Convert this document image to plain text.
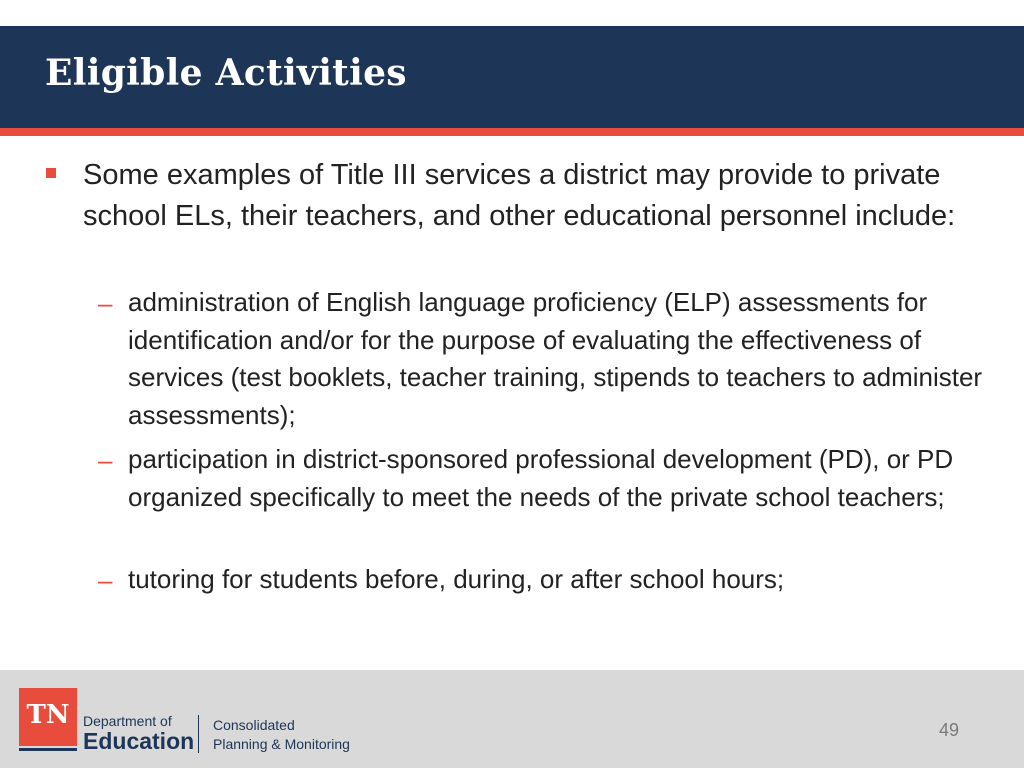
Eligible Activities
Some examples of Title III services a district may provide to private school ELs, their teachers, and other educational personnel include:
– administration of English language proficiency (ELP) assessments for identification and/or for the purpose of evaluating the effectiveness of services (test booklets, teacher training, stipends to teachers to administer assessments);
– participation in district-sponsored professional development (PD), or PD organized specifically to meet the needs of the private school teachers;
– tutoring for students before, during, or after school hours;
TN Department of
Education
Consolidated
Planning & Monitoring
49
